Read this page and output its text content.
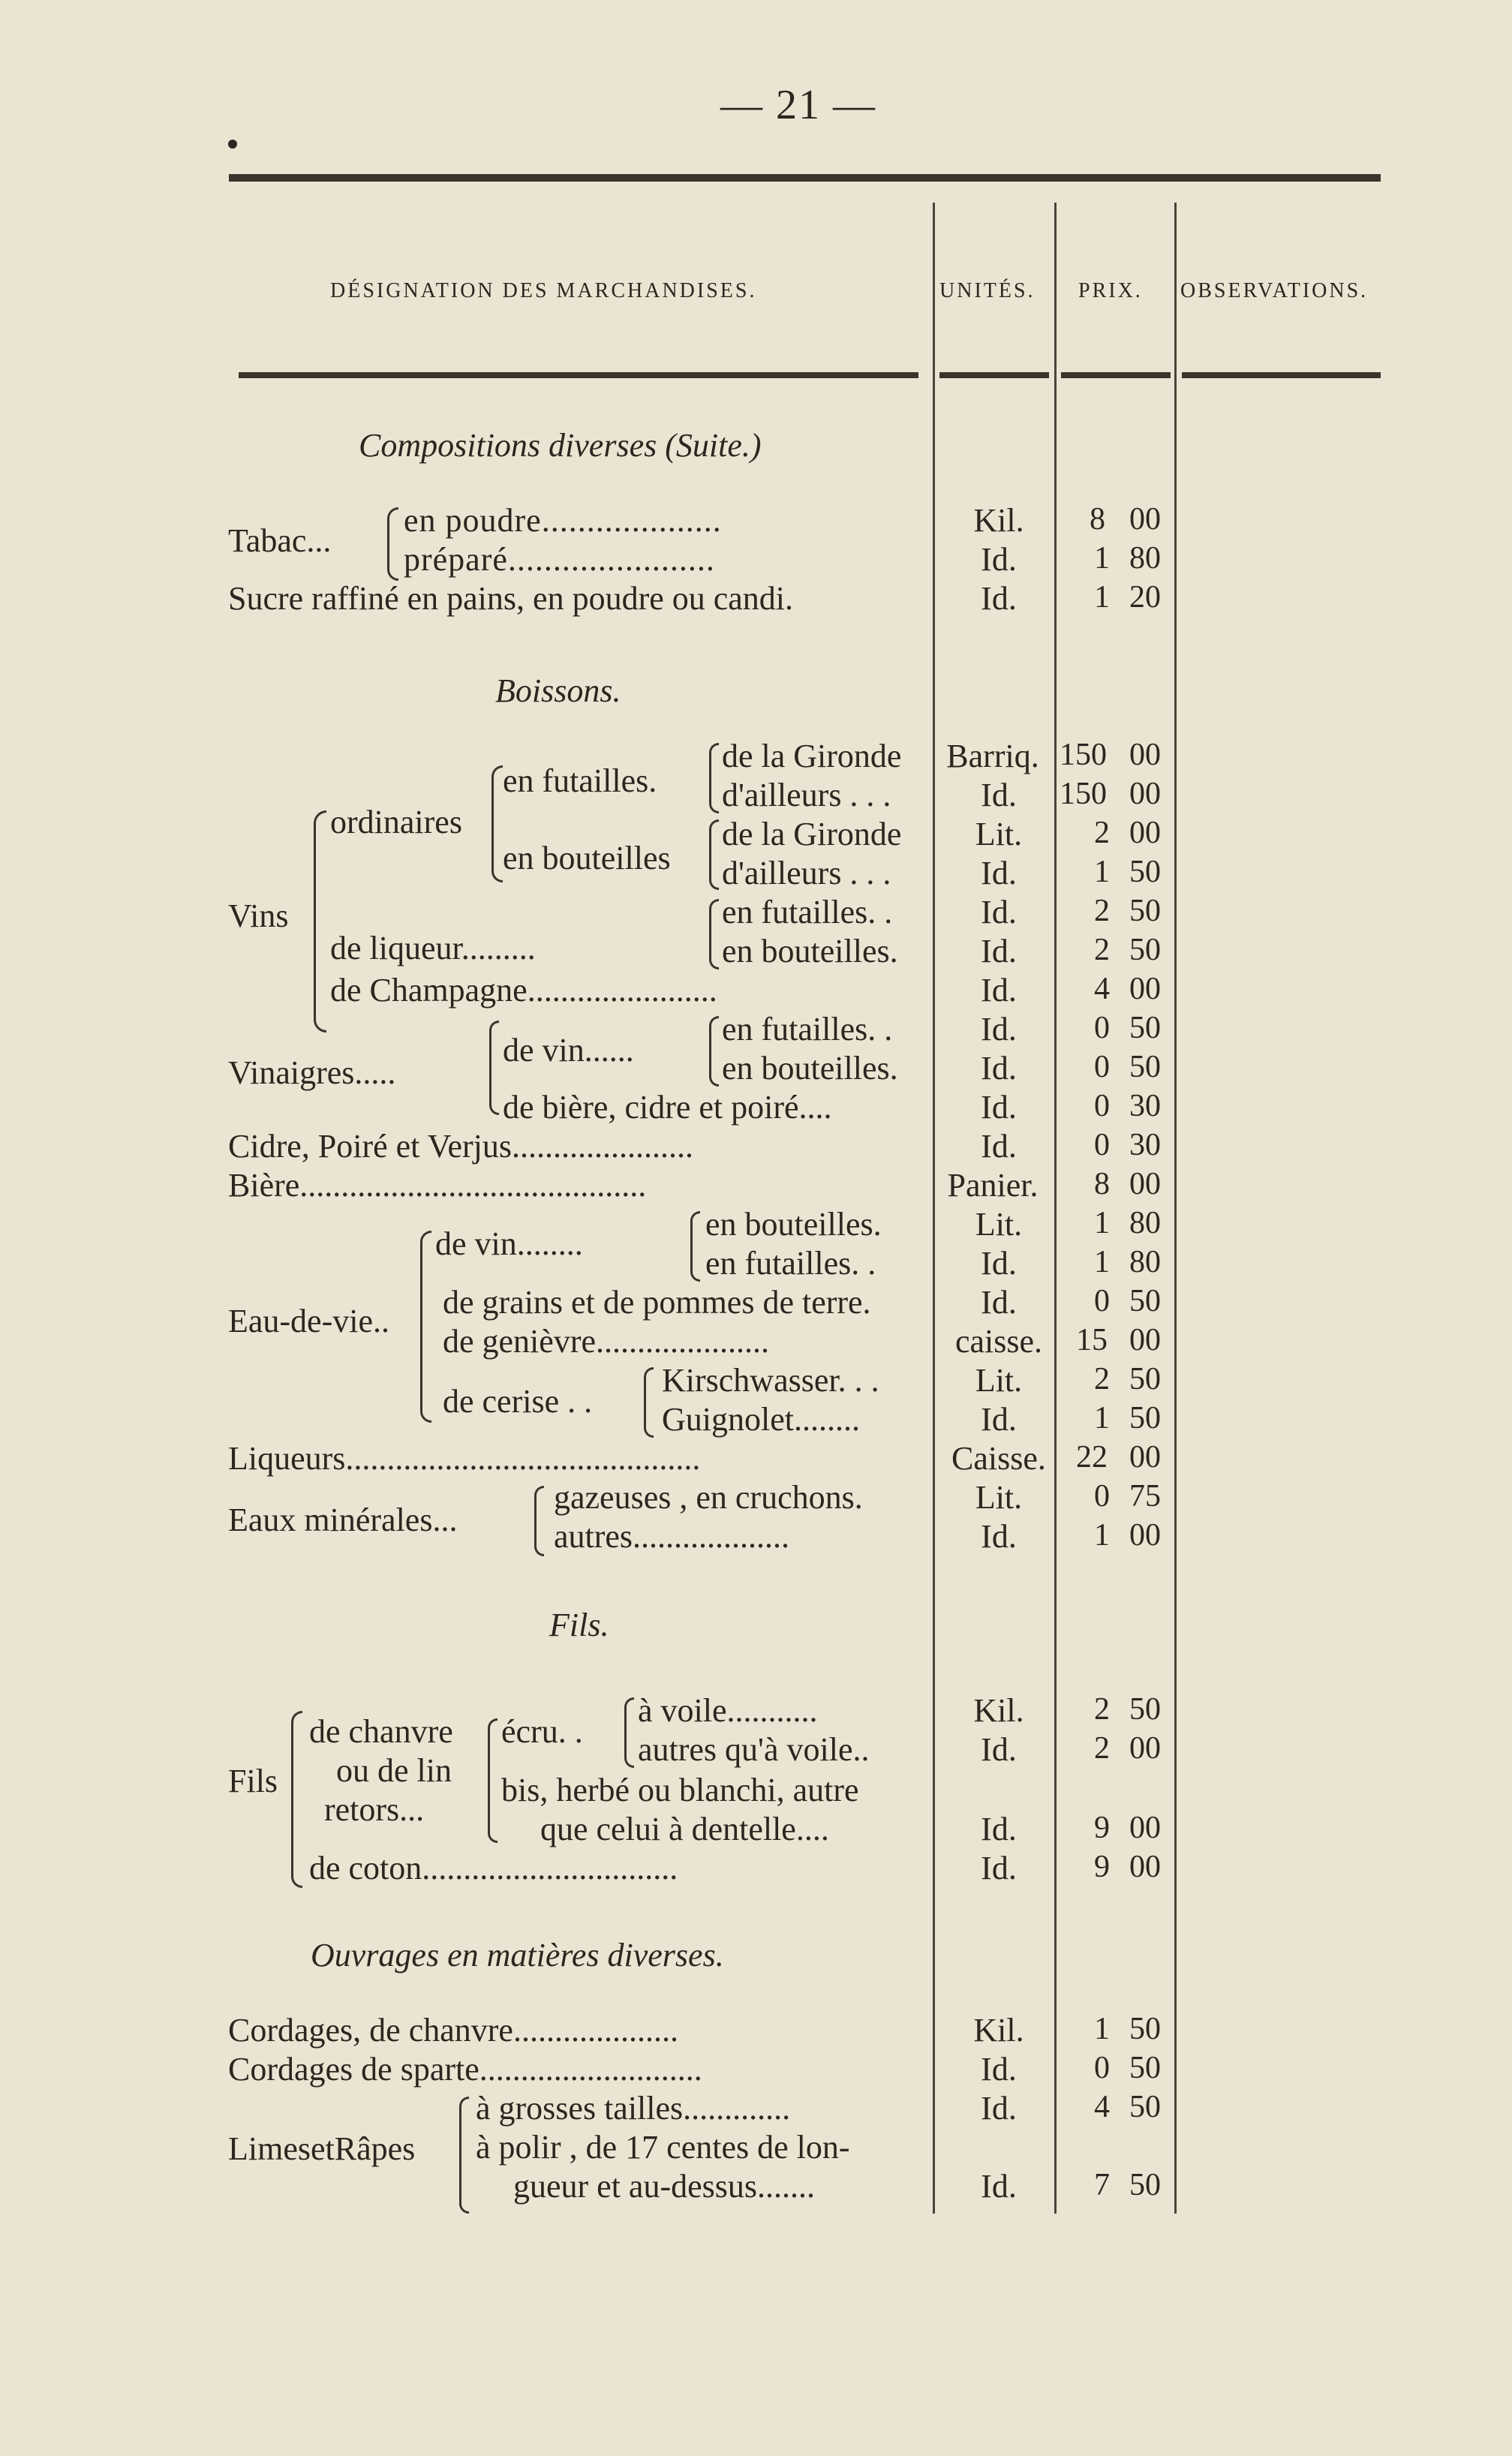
— 21 —
DÉSIGNATION DES MARCHANDISES.	UNITÉS. PRIX. OBSERVATIONS.
Compositions diverses (Suite.)
Tabac...
en poudre....................	Kil.	8 00
préparé.......................	Id.	1 80
Sucre raffiné en pains, en poudre ou candi.	Id.	1 20
Boissons.
Vins
ordinaires
en futailles.
en bouteilles
de la Gironde	Barriq. 150 00
d'ailleurs . . .	Id.	150 00
de la Gironde	Lit.	2 00
d'ailleurs . . .	Id.	1 50
de liqueur.........
en futailles. .	Id.	2 50
en bouteilles.	Id.	2 50
de Champagne.......................	Id.	4 00
Vinaigres.....
de vin......
en futailles. .	Id.	0 50
en bouteilles.	Id.	0 50
de bière, cidre et poiré....	Id.	0 30
Cidre, Poiré et Verjus......................	Id.	0 30
Bière..........................................	Panier.	8 00
Eau-de-vie..
de vin........
en bouteilles.	Lit.	1 80
en futailles. .	Id.	1 80
de grains et de pommes de terre.	Id.	0 50
de genièvre.....................	caisse.	15 00
de cerise . .
Kirschwasser. . .	Lit.	2 50
Guignolet........	Id.	1 50
Liqueurs...........................................	Caisse. 22 00
Eaux minérales...
gazeuses , en cruchons.	Lit.	0 75
autres...................	Id.	1 00
Fils.
Fils
de chanvre
ou de lin
retors...
écru. .
à voile...........	Kil.	2 50
autres qu'à voile..	Id.	2 00
bis, herbé ou blanchi, autre
que celui à dentelle....	Id.	9 00
de coton...............................	Id.	9 00
Ouvrages en matières diverses.
Cordages, de chanvre....................	Kil.	1 50
Cordages de sparte...........................	Id.	0 50
LimesetRâpes
à grosses tailles.............	Id.	4 50
à polir , de 17 centes de lon-
gueur et au-dessus.......	Id.	7 50
